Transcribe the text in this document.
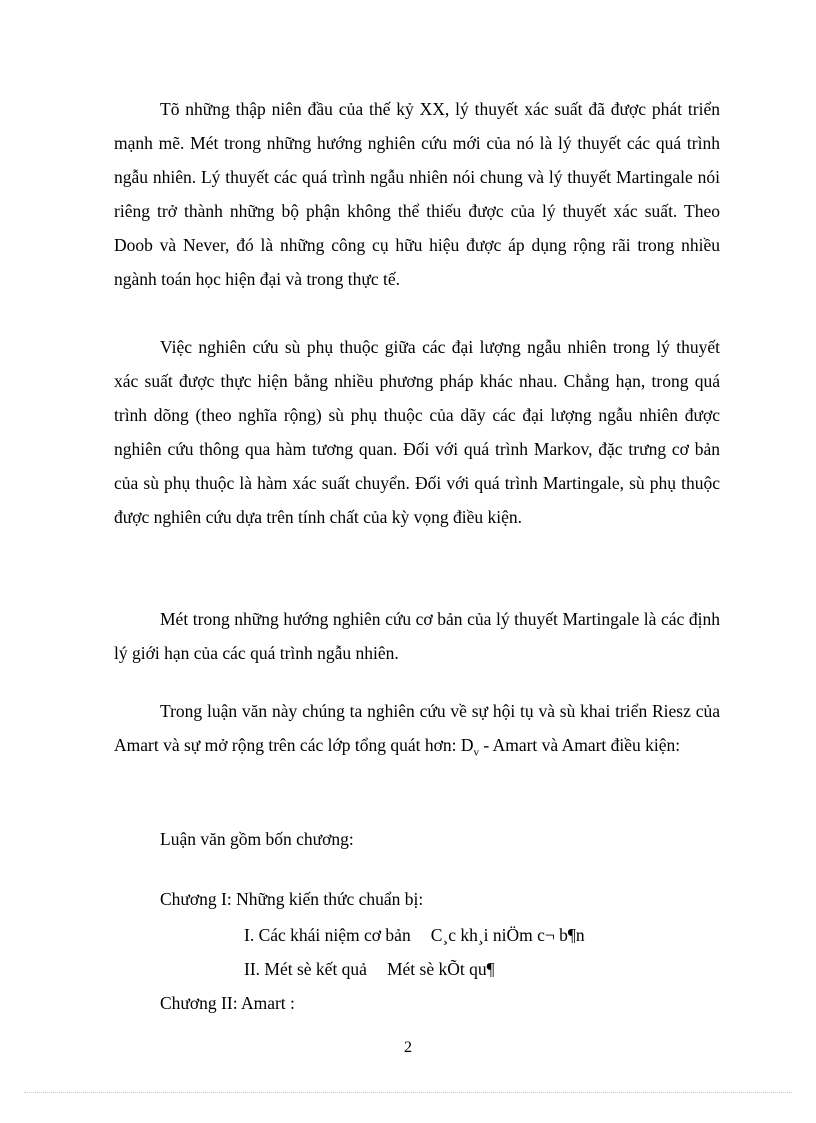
Tõ những thập niên đầu của thế kỷ XX, lý thuyết xác suất đã được phát triển mạnh mẽ. Mét trong những hướng nghiên cứu mới của nó là lý thuyết các quá trình ngẫu nhiên. Lý thuyết các quá trình ngẫu nhiên nói chung và lý thuyết Martingale nói riêng trở thành những bộ phận không thể thiếu được của lý thuyết xác suất. Theo Doob và Never, đó là những công cụ hữu hiệu được áp dụng rộng rãi trong nhiều ngành toán học hiện đại và trong thực tế.

Việc nghiên cứu sù phụ thuộc giữa các đại lượng ngẫu nhiên trong lý thuyết xác suất được thực hiện bằng nhiều phương pháp khác nhau. Chẳng hạn, trong quá trình dõng (theo nghĩa rộng) sù phụ thuộc của dãy các đại lượng ngẫu nhiên được nghiên cứu thông qua hàm tương quan. Đối với quá trình Markov, đặc trưng cơ bản của sù phụ thuộc là hàm xác suất chuyển. Đối với quá trình Martingale, sù phụ thuộc được nghiên cứu dựa trên tính chất của kỳ vọng điều kiện.

Mét trong những hướng nghiên cứu cơ bản của lý thuyết Martingale là các định lý giới hạn của các quá trình ngẫu nhiên.

Trong luận văn này chúng ta nghiên cứu về sự hội tụ và sù khai triển Riesz của Amart và sự mở rộng trên các lớp tổng quát hơn: $D_v$ - Amart và Amart điều kiện:

Luận văn gồm bốn chương:

Chương I: Những kiến thức chuẩn bị:

I. Các khái niệm cơ bản C¸c kh¸i niÖm c¬ b¶n

II. Mét sè kết quả Mét sè kÕt qu¶

Chương II: Amart :

2
